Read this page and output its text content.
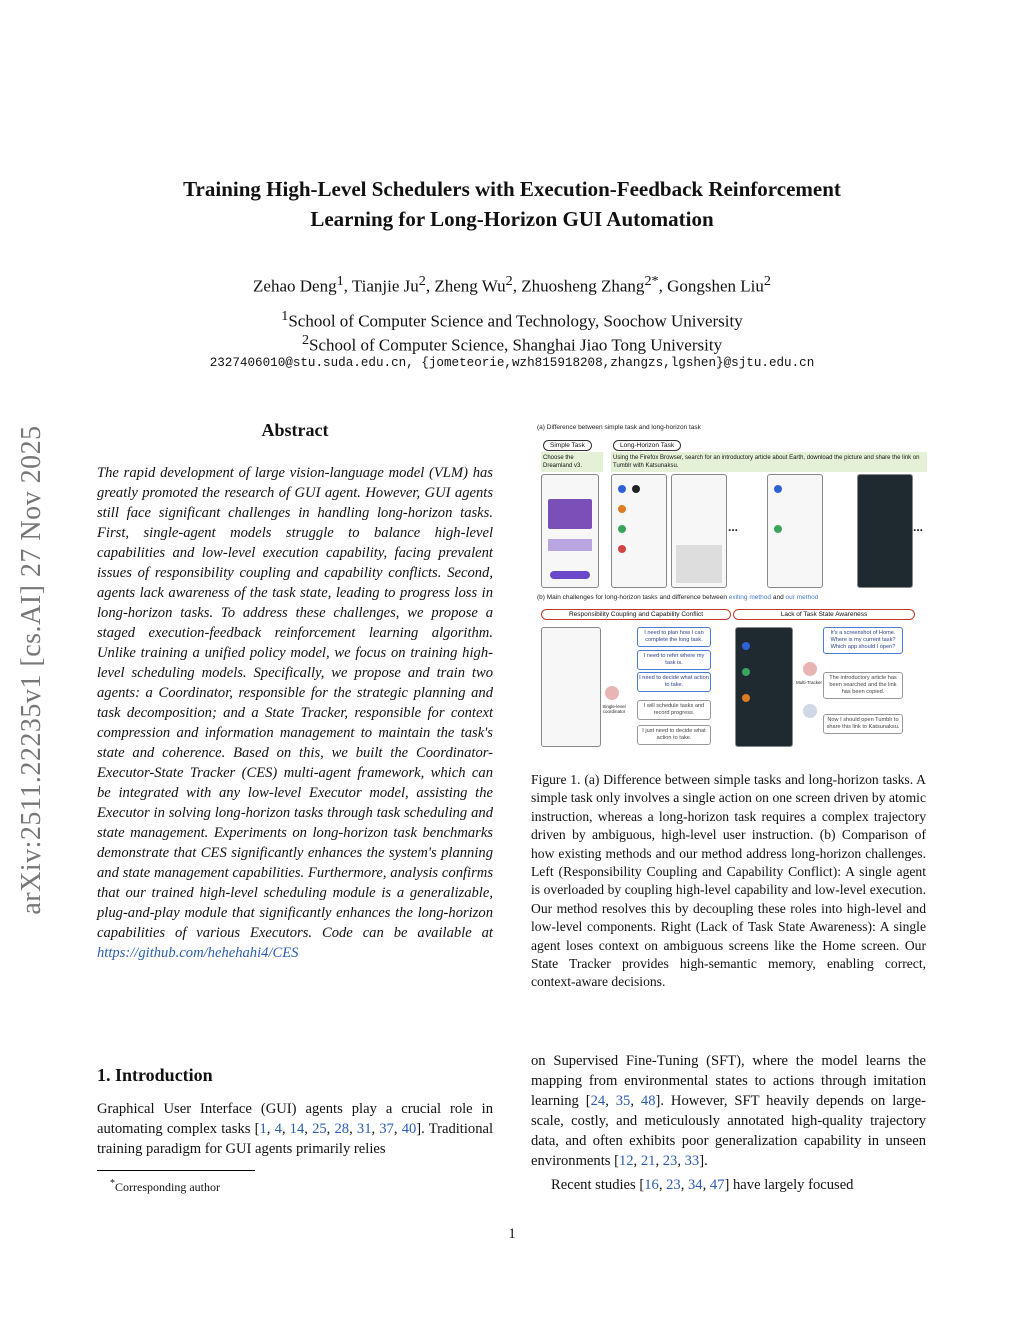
arXiv:2511.22235v1 [cs.AI] 27 Nov 2025
Training High-Level Schedulers with Execution-Feedback Reinforcement
Learning for Long-Horizon GUI Automation
Zehao Deng$^1$, Tianjie Ju$^2$, Zheng Wu$^2$, Zhuosheng Zhang$^{2*}$, Gongshen Liu$^2$
$^1$School of Computer Science and Technology, Soochow University
$^2$School of Computer Science, Shanghai Jiao Tong University
2327406010@stu.suda.edu.cn, {jometeorie,wzh815918208,zhangzs,lgshen}@sjtu.edu.cn
Abstract
The rapid development of large vision-language model (VLM) has greatly promoted the research of GUI agent. However, GUI agents still face significant challenges in handling long-horizon tasks. First, single-agent models struggle to balance high-level capabilities and low-level execution capability, facing prevalent issues of responsibility coupling and capability conflicts. Second, agents lack awareness of the task state, leading to progress loss in long-horizon tasks. To address these challenges, we propose a staged execution-feedback reinforcement learning algorithm. Unlike training a unified policy model, we focus on training high-level scheduling models. Specifically, we propose and train two agents: a Coordinator, responsible for the strategic planning and task decomposition; and a State Tracker, responsible for context compression and information management to maintain the task's state and coherence. Based on this, we built the Coordinator-Executor-State Tracker (CES) multi-agent framework, which can be integrated with any low-level Executor model, assisting the Executor in solving long-horizon tasks through task scheduling and state management. Experiments on long-horizon task benchmarks demonstrate that CES significantly enhances the system's planning and state management capabilities. Furthermore, analysis confirms that our trained high-level scheduling module is a generalizable, plug-and-play module that significantly enhances the long-horizon capabilities of various Executors. Code can be available at https://github.com/hehehahi4/CES
(a) Difference between simple task and long-horizon task
Simple Task	Long-Horizon Task
Choose the Dreamland v3.
Using the Firefox Browser, search for an introductory article about Earth, download the picture and share the link on Tumblr with Katsunaksu.
...	...
(b) Main challenges for long-horizon tasks and difference between exiting method and our method
Responsibility Coupling and Capability Conflict	Lack of Task State Awareness
I need to plan how I can complete the long task.
I need to refer where my task is.
I need to decide what action to take.
I will schedule tasks and record progress.
I just need to decide what action to take.
Single-level coordinator
Multi-Tracker
It's a screenshot of Home. Where is my current task? Which app should I open?
The introductory article has been searched and the link has been copied.
Now I should open Tumblr to share this link to Katsunaksu.
Figure 1. (a) Difference between simple tasks and long-horizon tasks. A simple task only involves a single action on one screen driven by atomic instruction, whereas a long-horizon task requires a complex trajectory driven by ambiguous, high-level user instruction. (b) Comparison of how existing methods and our method address long-horizon challenges. Left (Responsibility Coupling and Capability Conflict): A single agent is overloaded by coupling high-level capability and low-level execution. Our method resolves this by decoupling these roles into high-level and low-level components. Right (Lack of Task State Awareness): A single agent loses context on ambiguous screens like the Home screen. Our State Tracker provides high-semantic memory, enabling correct, context-aware decisions.
1. Introduction
Graphical User Interface (GUI) agents play a crucial role in automating complex tasks [1, 4, 14, 25, 28, 31, 37, 40]. Traditional training paradigm for GUI agents primarily relies
*Corresponding author
on Supervised Fine-Tuning (SFT), where the model learns the mapping from environmental states to actions through imitation learning [24, 35, 48]. However, SFT heavily depends on large-scale, costly, and meticulously annotated high-quality trajectory data, and often exhibits poor generalization capability in unseen environments [12, 21, 23, 33].
Recent studies [16, 23, 34, 47] have largely focused
1
